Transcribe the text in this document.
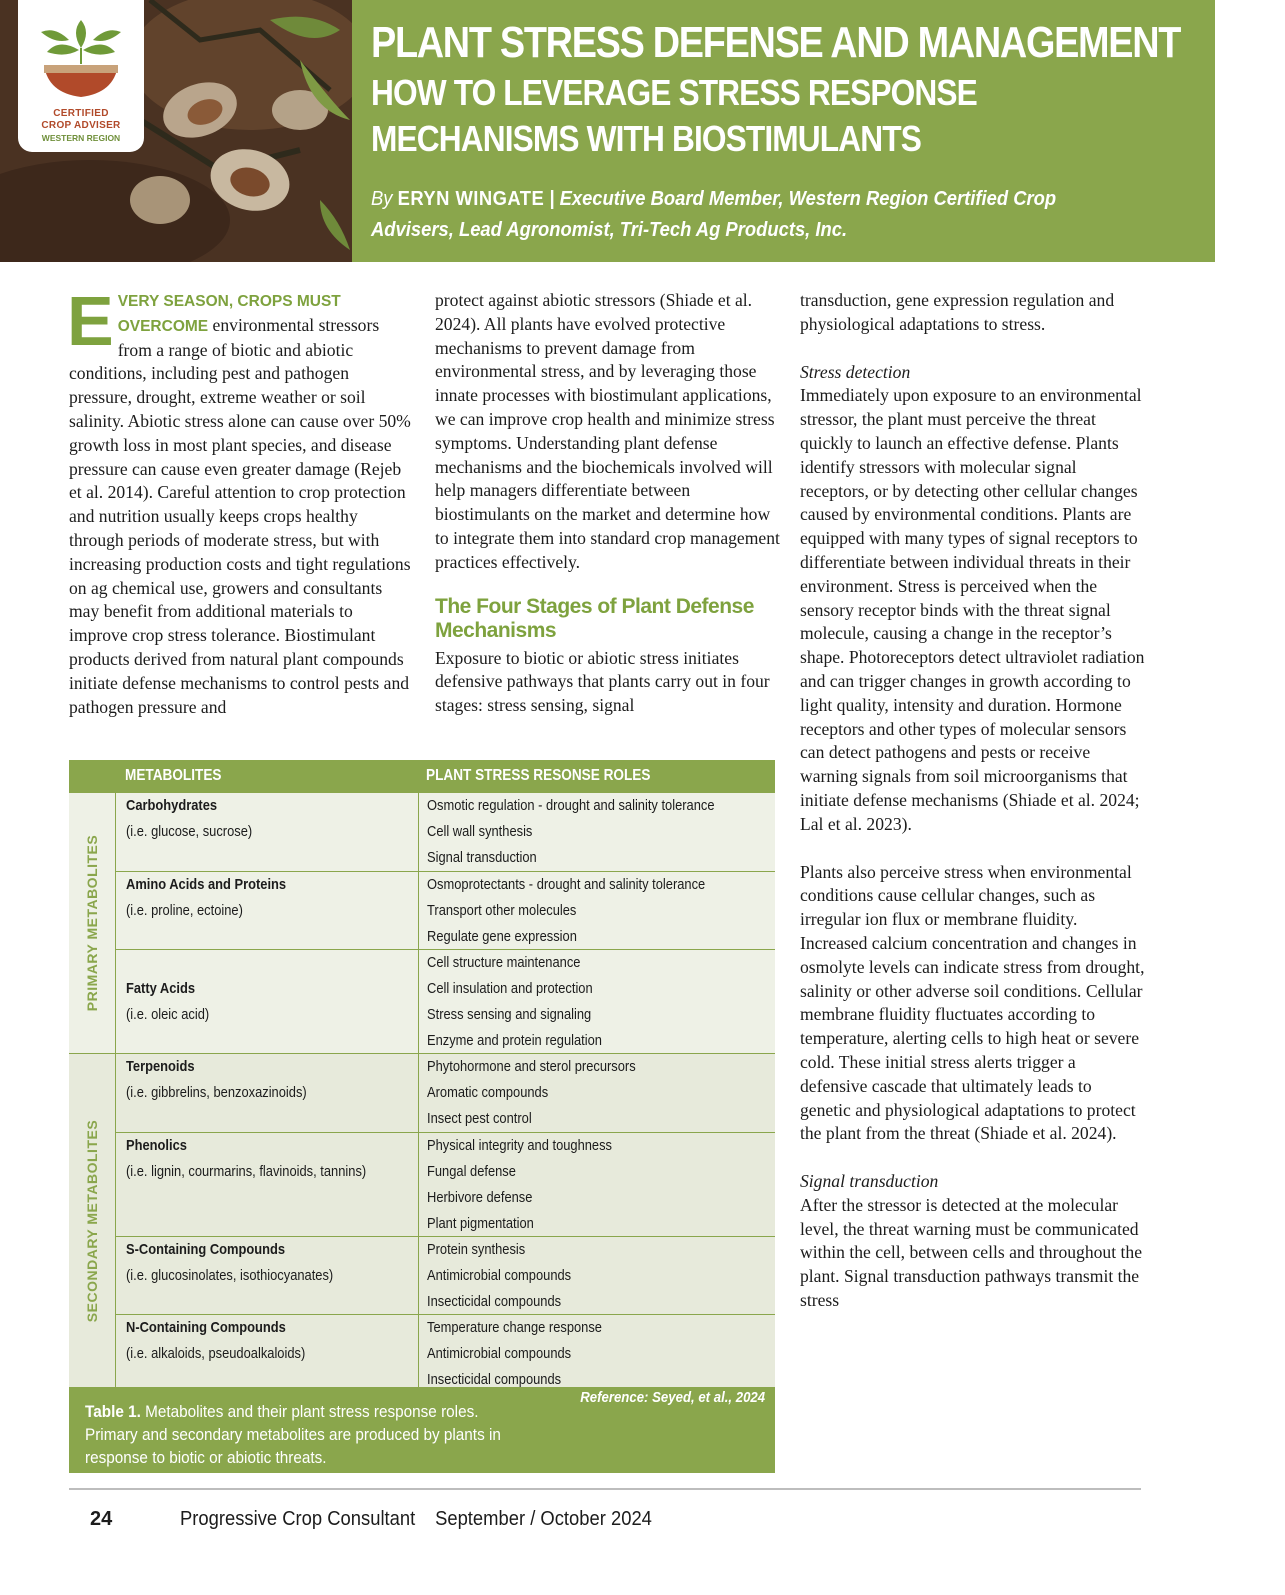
CERTIFIED
CROP ADVISER
WESTERN REGION
PLANT STRESS DEFENSE AND MANAGEMENT
HOW TO LEVERAGE STRESS RESPONSE MECHANISMS WITH BIOSTIMULANTS
By ERYN WINGATE | Executive Board Member, Western Region Certified Crop Advisers, Lead Agronomist, Tri-Tech Ag Products, Inc.

E VERY SEASON, CROPS MUST OVERCOME environmental stressors from a range of biotic and abiotic conditions, including pest and pathogen pressure, drought, extreme weather or soil salinity. Abiotic stress alone can cause over 50% growth loss in most plant species, and disease pressure can cause even greater damage (Rejeb et al. 2014). Careful attention to crop protection and nutrition usually keeps crops healthy through periods of moderate stress, but with increasing production costs and tight regulations on ag chemical use, growers and consultants may benefit from additional materials to improve crop stress tolerance. Biostimulant products derived from natural plant compounds initiate defense mechanisms to control pests and pathogen pressure and

protect against abiotic stressors (Shiade et al. 2024). All plants have evolved protective mechanisms to prevent damage from environmental stress, and by leveraging those innate processes with biostimulant applications, we can improve crop health and minimize stress symptoms. Understanding plant defense mechanisms and the biochemicals involved will help managers differentiate between biostimulants on the market and determine how to integrate them into standard crop management practices effectively.

The Four Stages of Plant Defense Mechanisms

Exposure to biotic or abiotic stress initiates defensive pathways that plants carry out in four stages: stress sensing, signal

transduction, gene expression regulation and physiological adaptations to stress.

Stress detection

Immediately upon exposure to an environmental stressor, the plant must perceive the threat quickly to launch an effective defense. Plants identify stressors with molecular signal receptors, or by detecting other cellular changes caused by environmental conditions. Plants are equipped with many types of signal receptors to differentiate between individual threats in their environment. Stress is perceived when the sensory receptor binds with the threat signal molecule, causing a change in the receptor’s shape. Photoreceptors detect ultraviolet radiation and can trigger changes in growth according to light quality, intensity and duration. Hormone receptors and other types of molecular sensors can detect pathogens and pests or receive warning signals from soil microorganisms that initiate defense mechanisms (Shiade et al. 2024; Lal et al. 2023).

Plants also perceive stress when environmental conditions cause cellular changes, such as irregular ion flux or membrane fluidity. Increased calcium concentration and changes in osmolyte levels can indicate stress from drought, salinity or other adverse soil conditions. Cellular membrane fluidity fluctuates according to temperature, alerting cells to high heat or severe cold. These initial stress alerts trigger a defensive cascade that ultimately leads to genetic and physiological adaptations to protect the plant from the threat (Shiade et al. 2024).

Signal transduction

After the stressor is detected at the molecular level, the threat warning must be communicated within the cell, between cells and throughout the plant. Signal transduction pathways transmit the stress

METABOLITES	PLANT STRESS RESONSE ROLES
PRIMARY METABOLITES
Carbohydrates
(i.e. glucose, sucrose)
Osmotic regulation - drought and salinity tolerance
Cell wall synthesis
Signal transduction
Amino Acids and Proteins
(i.e. proline, ectoine)
Osmoprotectants - drought and salinity tolerance
Transport other molecules
Regulate gene expression
Fatty Acids
(i.e. oleic acid)
Cell structure maintenance
Cell insulation and protection
Stress sensing and signaling
Enzyme and protein regulation
SECONDARY METABOLITES
Terpenoids
(i.e. gibbrelins, benzoxazinoids)
Phytohormone and sterol precursors
Aromatic compounds
Insect pest control
Phenolics
(i.e. lignin, courmarins, flavinoids, tannins)
Physical integrity and toughness
Fungal defense
Herbivore defense
Plant pigmentation
S-Containing Compounds
(i.e. glucosinolates, isothiocyanates)
Protein synthesis
Antimicrobial compounds
Insecticidal compounds
N-Containing Compounds
(i.e. alkaloids, pseudoalkaloids)
Temperature change response
Antimicrobial compounds
Insecticidal compounds
Reference: Seyed, et al., 2024
Table 1. Metabolites and their plant stress response roles. Primary and secondary metabolites are produced by plants in response to biotic or abiotic threats.
24	Progressive Crop Consultant September / October 2024
